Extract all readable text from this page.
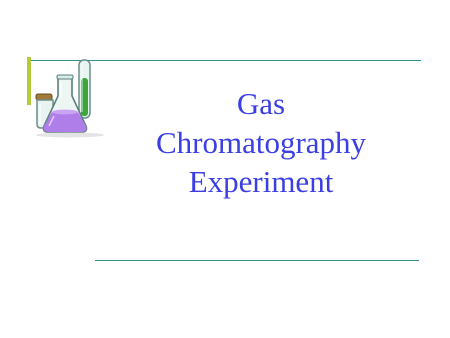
Gas
Chromatography
Experiment
